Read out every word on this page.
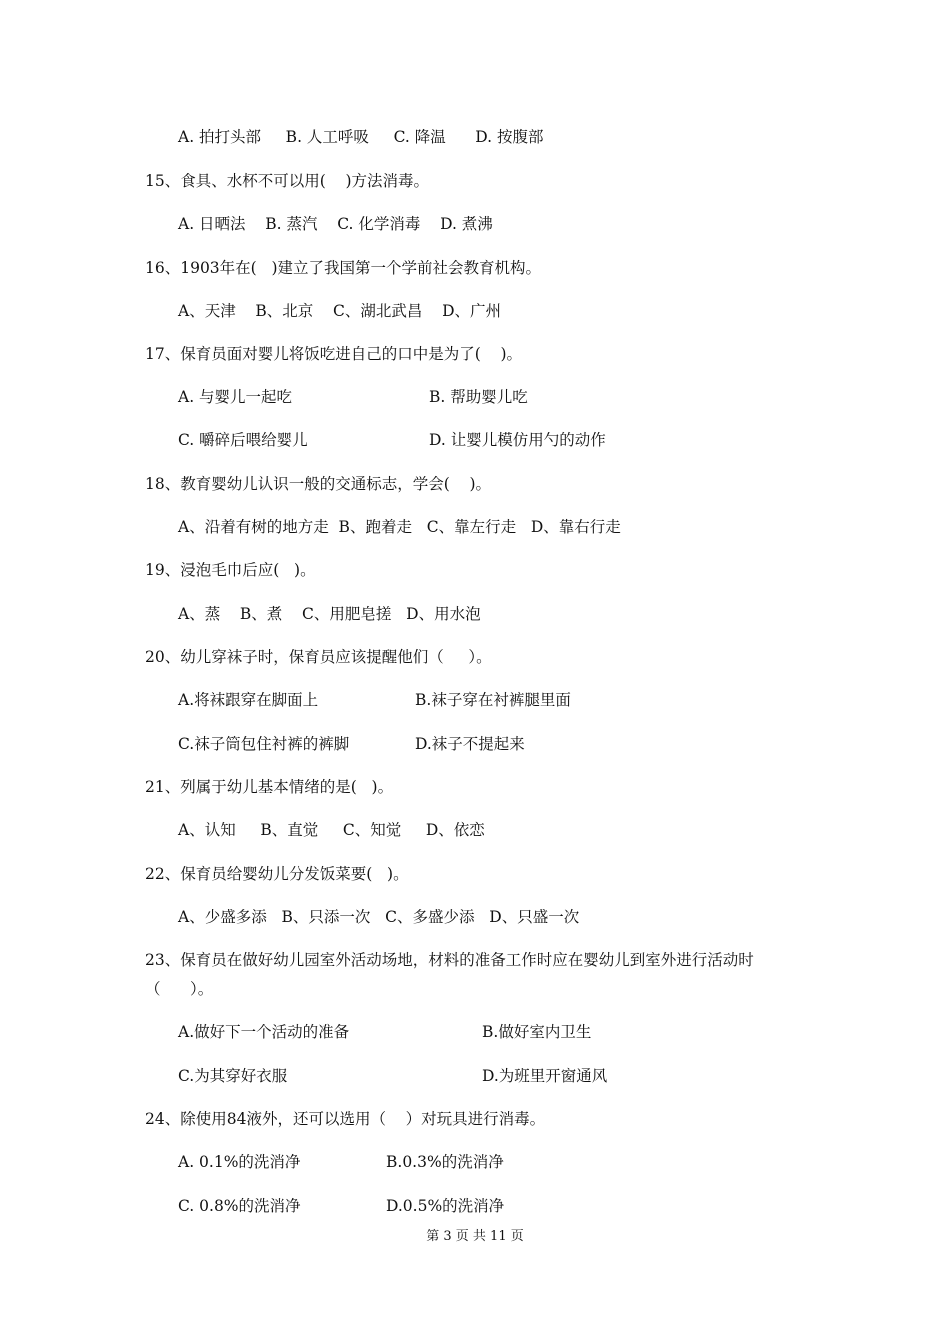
A. 拍打头部     B. 人工呼吸     C. 降温      D. 按腹部
15、食具、水杯不可以用(    )方法消毒。
A. 日晒法    B. 蒸汽    C. 化学消毒    D. 煮沸
16、1903年在(   )建立了我国第一个学前社会教育机构。
A、天津    B、北京    C、湖北武昌    D、广州
17、保育员面对婴儿将饭吃进自己的口中是为了(    )。
A. 与婴儿一起吃	B. 帮助婴儿吃
C. 嚼碎后喂给婴儿	D. 让婴儿模仿用勺的动作
18、教育婴幼儿认识一般的交通标志，学会(    )。
A、沿着有树的地方走  B、跑着走   C、靠左行走   D、靠右行走
19、浸泡毛巾后应(   )。
A、蒸    B、煮    C、用肥皂搓   D、用水泡
20、幼儿穿袜子时，保育员应该提醒他们（     ）。
A.将袜跟穿在脚面上	B.袜子穿在衬裤腿里面
C.袜子筒包住衬裤的裤脚	D.袜子不提起来
21、列属于幼儿基本情绪的是(   )。
A、认知     B、直觉     C、知觉     D、依恋
22、保育员给婴幼儿分发饭菜要(   )。
A、少盛多添   B、只添一次   C、多盛少添   D、只盛一次
23、保育员在做好幼儿园室外活动场地，材料的准备工作时应在婴幼儿到室外进行活动时
（      ）。
A.做好下一个活动的准备	B.做好室内卫生
C.为其穿好衣服	D.为班里开窗通风
24、除使用84液外，还可以选用（    ）对玩具进行消毒。
A. 0.1%的洗消净	B.0.3%的洗消净
C. 0.8%的洗消净	D.0.5%的洗消净
第 3 页 共 11 页
